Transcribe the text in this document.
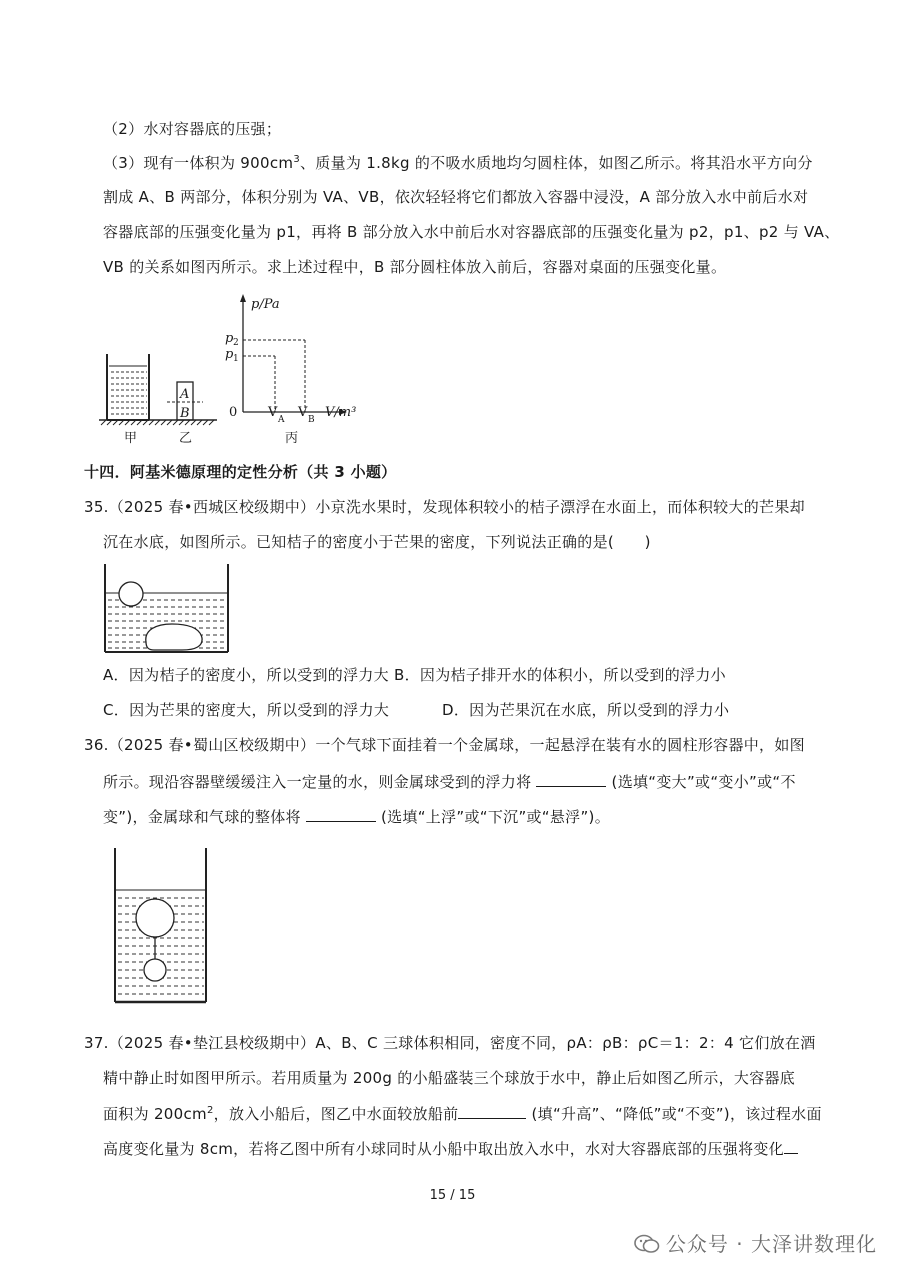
（2）水对容器底的压强；
（3）现有一体积为 $900cm^3$、质量为 1.8kg 的不吸水质地均匀圆柱体，如图乙所示。将其沿水平方向分
割成 A、B 两部分，体积分别为 VA、VB，依次轻轻将它们都放入容器中浸没，A 部分放入水中前后水对
容器底部的压强变化量为 p1，再将 B 部分放入水中前后水对容器底部的压强变化量为 p2，p1、p2 与 VA、
VB 的关系如图丙所示。求上述过程中，B 部分圆柱体放入前后，容器对桌面的压强变化量。
A
B
甲	乙
p/Pa
p 2
p 1
0 V A V B V/m³
丙
十四．阿基米德原理的定性分析（共 3 小题）
35.（2025 春•西城区校级期中）小京洗水果时，发现体积较小的桔子漂浮在水面上，而体积较大的芒果却
沉在水底，如图所示。已知桔子的密度小于芒果的密度，下列说法正确的是(　　)
A．因为桔子的密度小，所以受到的浮力大 B．因为桔子排开水的体积小，所以受到的浮力小
C．因为芒果的密度大，所以受到的浮力大	D．因为芒果沉在水底，所以受到的浮力小
36.（2025 春•蜀山区校级期中）一个气球下面挂着一个金属球，一起悬浮在装有水的圆柱形容器中，如图
所示。现沿容器壁缓缓注入一定量的水，则金属球受到的浮力将	(选填“变大”或“变小”或“不
变”)，金属球和气球的整体将	(选填“上浮”或“下沉”或“悬浮”)。
37.（2025 春•垫江县校级期中）A、B、C 三球体积相同，密度不同，ρA：ρB：ρC＝1：2：4 它们放在酒
精中静止时如图甲所示。若用质量为 200g 的小船盛装三个球放于水中，静止后如图乙所示，大容器底
面积为 $200cm^2$，放入小船后，图乙中水面较放船前	(填“升高”、“降低”或“不变”)，该过程水面
高度变化量为 8cm，若将乙图中所有小球同时从小船中取出放入水中，水对大容器底部的压强将变化
15 / 15
公众号 · 大泽讲数理化
